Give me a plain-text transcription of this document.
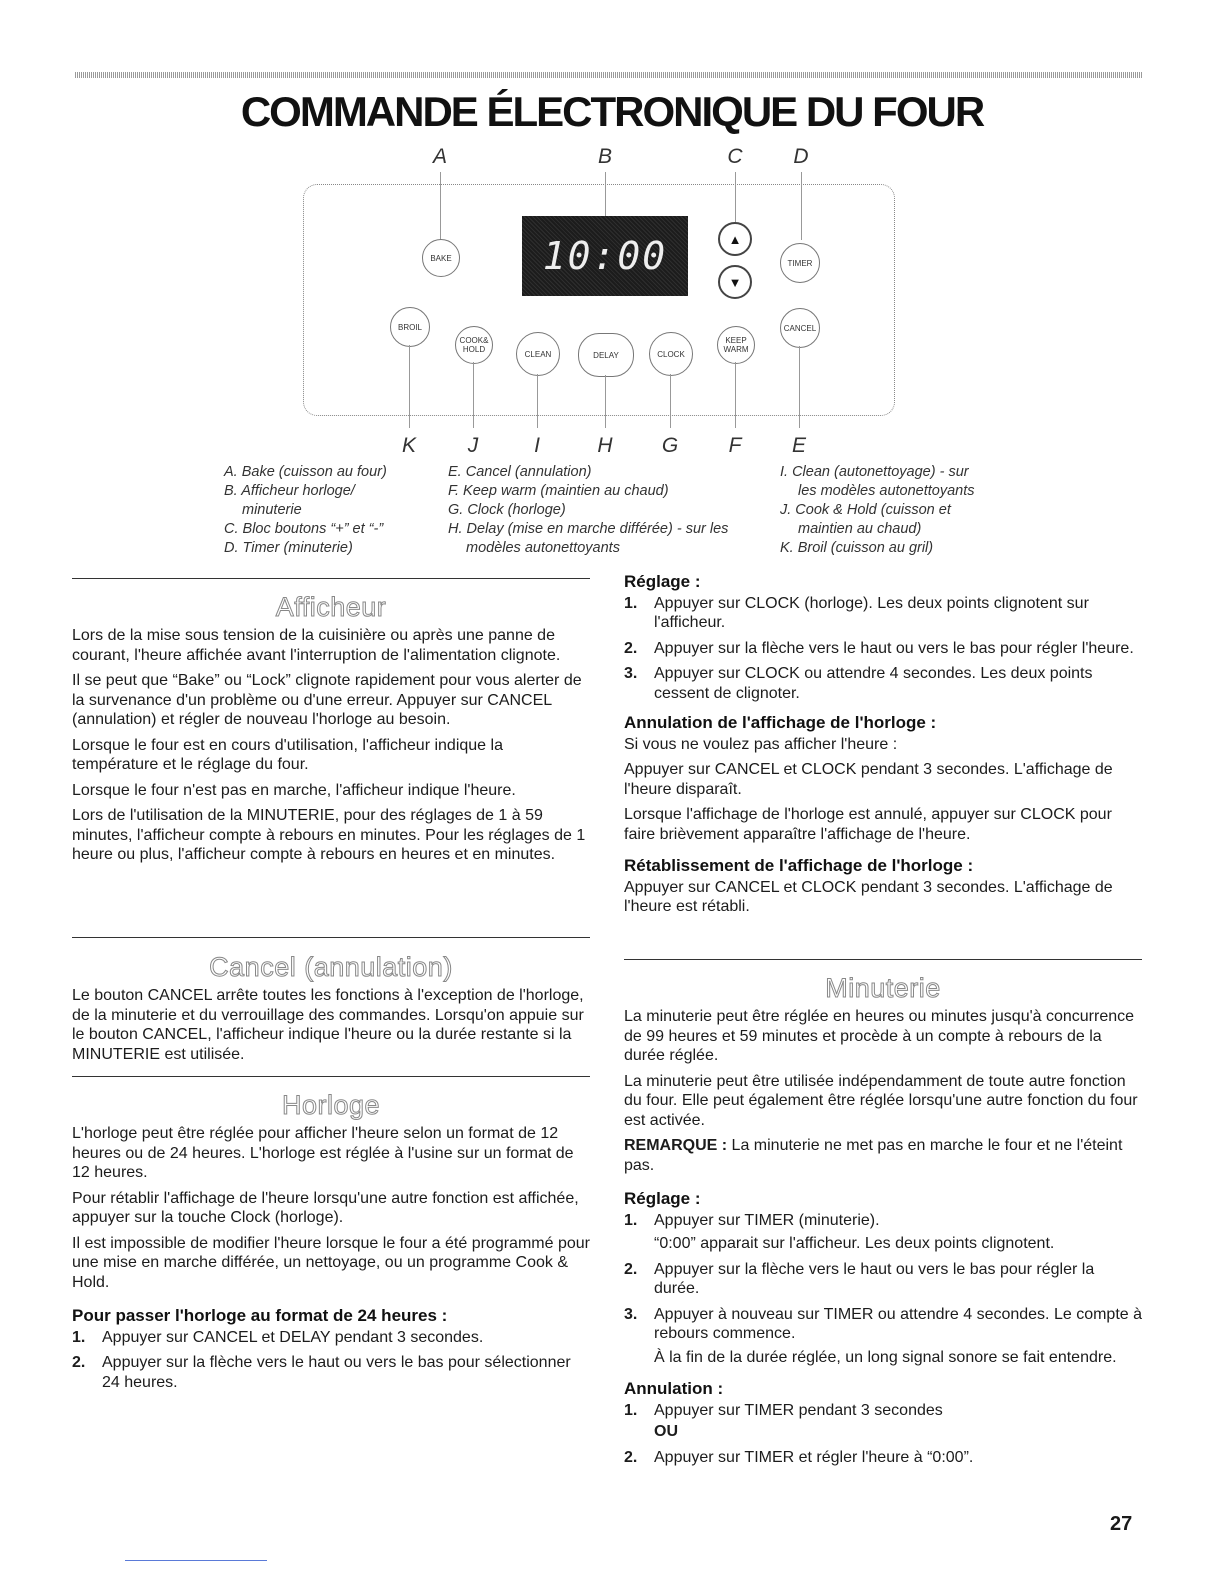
COMMANDE ÉLECTRONIQUE DU FOUR
A	B	C	D
10:00
BAKE
▲
▼
TIMER
BROIL
COOK&
HOLD	CLEAN	DELAY	CLOCK
KEEP
WARM
CANCEL
K	J	I	H	G	F	E
A. Bake (cuisson au four)
B. Afficheur horloge/
minuterie
C. Bloc boutons “+” et “-”
D. Timer (minuterie)
E. Cancel (annulation)
F. Keep warm (maintien au chaud)
G. Clock (horloge)
H. Delay (mise en marche différée) - sur les
modèles autonettoyants
I. Clean (autonettoyage) - sur
les modèles autonettoyants
J. Cook & Hold (cuisson et
maintien au chaud)
K. Broil (cuisson au gril)
Afficheur

Lors de la mise sous tension de la cuisinière ou après une panne de courant, l'heure affichée avant l'interruption de l'alimentation clignote.

Il se peut que “Bake” ou “Lock” clignote rapidement pour vous alerter de la survenance d'un problème ou d'une erreur. Appuyer sur CANCEL (annulation) et régler de nouveau l'horloge au besoin.

Lorsque le four est en cours d'utilisation, l'afficheur indique la température et le réglage du four.

Lorsque le four n'est pas en marche, l'afficheur indique l'heure.

Lors de l'utilisation de la MINUTERIE, pour des réglages de 1 à 59 minutes, l'afficheur compte à rebours en minutes. Pour les réglages de 1 heure ou plus, l'afficheur compte à rebours en heures et en minutes.

Cancel (annulation)

Le bouton CANCEL arrête toutes les fonctions à l'exception de l'horloge, de la minuterie et du verrouillage des commandes. Lorsqu'on appuie sur le bouton CANCEL, l'afficheur indique l'heure ou la durée restante si la MINUTERIE est utilisée.

Horloge

L'horloge peut être réglée pour afficher l'heure selon un format de 12 heures ou de 24 heures. L'horloge est réglée à l'usine sur un format de 12 heures.

Pour rétablir l'affichage de l'heure lorsqu'une autre fonction est affichée, appuyer sur la touche Clock (horloge).

Il est impossible de modifier l'heure lorsque le four a été programmé pour une mise en marche différée, un nettoyage, ou un programme Cook & Hold.

Pour passer l'horloge au format de 24 heures :
1.	Appuyer sur CANCEL et DELAY pendant 3 secondes.
2.	Appuyer sur la flèche vers le haut ou vers le bas pour sélectionner 24 heures.
Réglage :
1.	Appuyer sur CLOCK (horloge). Les deux points clignotent sur l'afficheur.
2.	Appuyer sur la flèche vers le haut ou vers le bas pour régler l'heure.
3.	Appuyer sur CLOCK ou attendre 4 secondes. Les deux points cessent de clignoter.
Annulation de l'affichage de l'horloge :

Si vous ne voulez pas afficher l'heure :

Appuyer sur CANCEL et CLOCK pendant 3 secondes. L'affichage de l'heure disparaît.

Lorsque l'affichage de l'horloge est annulé, appuyer sur CLOCK pour faire brièvement apparaître l'affichage de l'heure.

Rétablissement de l'affichage de l'horloge :

Appuyer sur CANCEL et CLOCK pendant 3 secondes. L'affichage de l'heure est rétabli.

Minuterie

La minuterie peut être réglée en heures ou minutes jusqu'à concurrence de 99 heures et 59 minutes et procède à un compte à rebours de la durée réglée.

La minuterie peut être utilisée indépendamment de toute autre fonction du four. Elle peut également être réglée lorsqu'une autre fonction du four est activée.

REMARQUE : La minuterie ne met pas en marche le four et ne l'éteint pas.

Réglage :
1.	Appuyer sur TIMER (minuterie).

“0:00” apparait sur l'afficheur. Les deux points clignotent.

2.	Appuyer sur la flèche vers le haut ou vers le bas pour régler la durée.
3.	Appuyer à nouveau sur TIMER ou attendre 4 secondes. Le compte à rebours commence.

À la fin de la durée réglée, un long signal sonore se fait entendre.

Annulation :
1.	Appuyer sur TIMER pendant 3 secondes
OU
2.	Appuyer sur TIMER et régler l'heure à “0:00”.
27
